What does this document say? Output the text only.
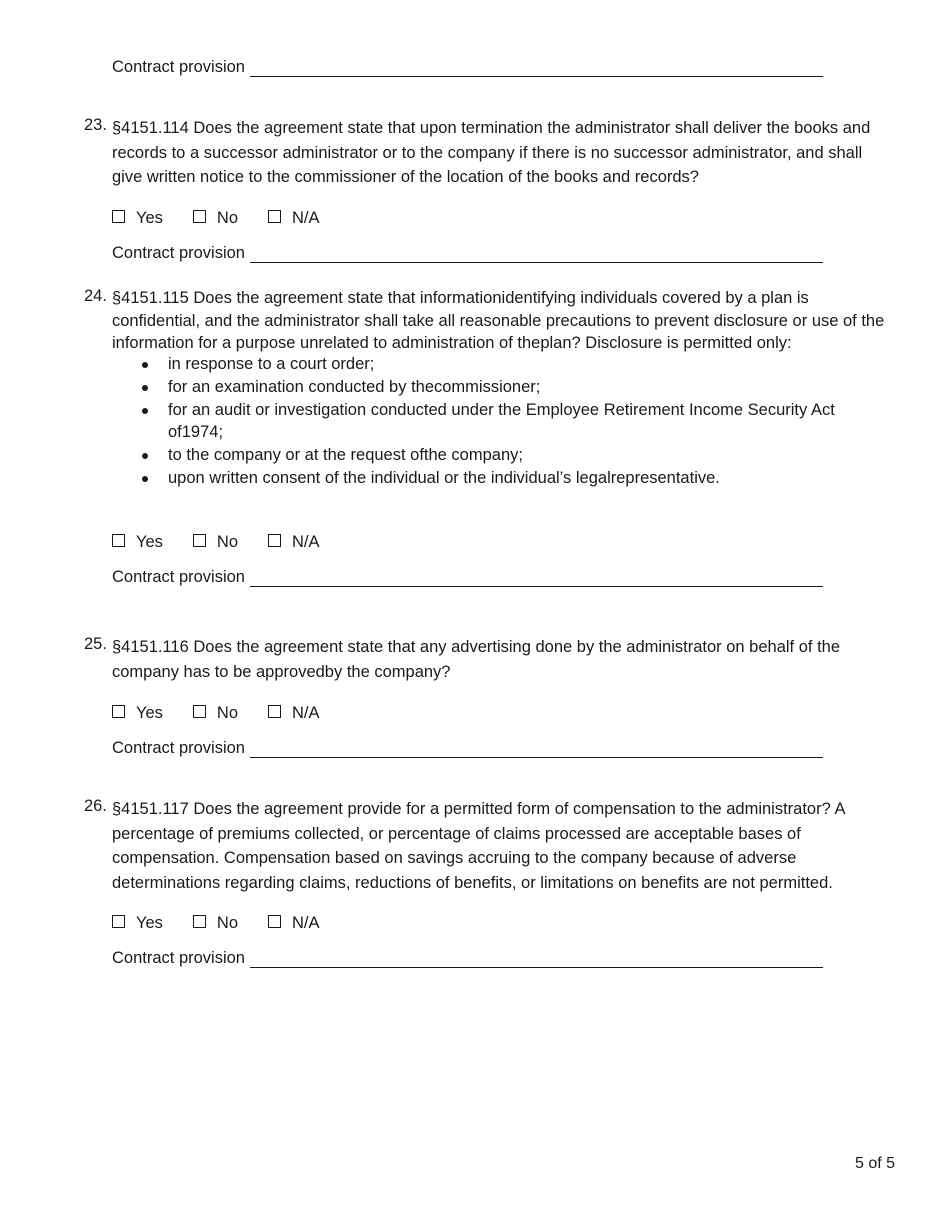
Contract provision
23. §4151.114 Does the agreement state that upon termination the administrator shall deliver the books and records to a successor administrator or to the company if there is no successor administrator, and shall give written notice to the commissioner of the location of the books and records?
Yes	No	N/A
Contract provision
24. §4151.115 Does the agreement state that informationidentifying individuals covered by a plan is confidential, and the administrator shall take all reasonable precautions to prevent disclosure or use of the information for a purpose unrelated to administration of theplan? Disclosure is permitted only:
in response to a court order;
for an examination conducted by thecommissioner;
for an audit or investigation conducted under the Employee Retirement Income Security Act of1974;
to the company or at the request ofthe company;
upon written consent of the individual or the individual’s legalrepresentative.
Yes	No	N/A
Contract provision
25. §4151.116 Does the agreement state that any advertising done by the administrator on behalf of the company has to be approvedby the company?
Yes	No	N/A
Contract provision
26. §4151.117 Does the agreement provide for a permitted form of compensation to the administrator? A percentage of premiums collected, or percentage of claims processed are acceptable bases of compensation. Compensation based on savings accruing to the company because of adverse determinations regarding claims, reductions of benefits, or limitations on benefits are not permitted.
Yes	No	N/A
Contract provision
5 of 5
